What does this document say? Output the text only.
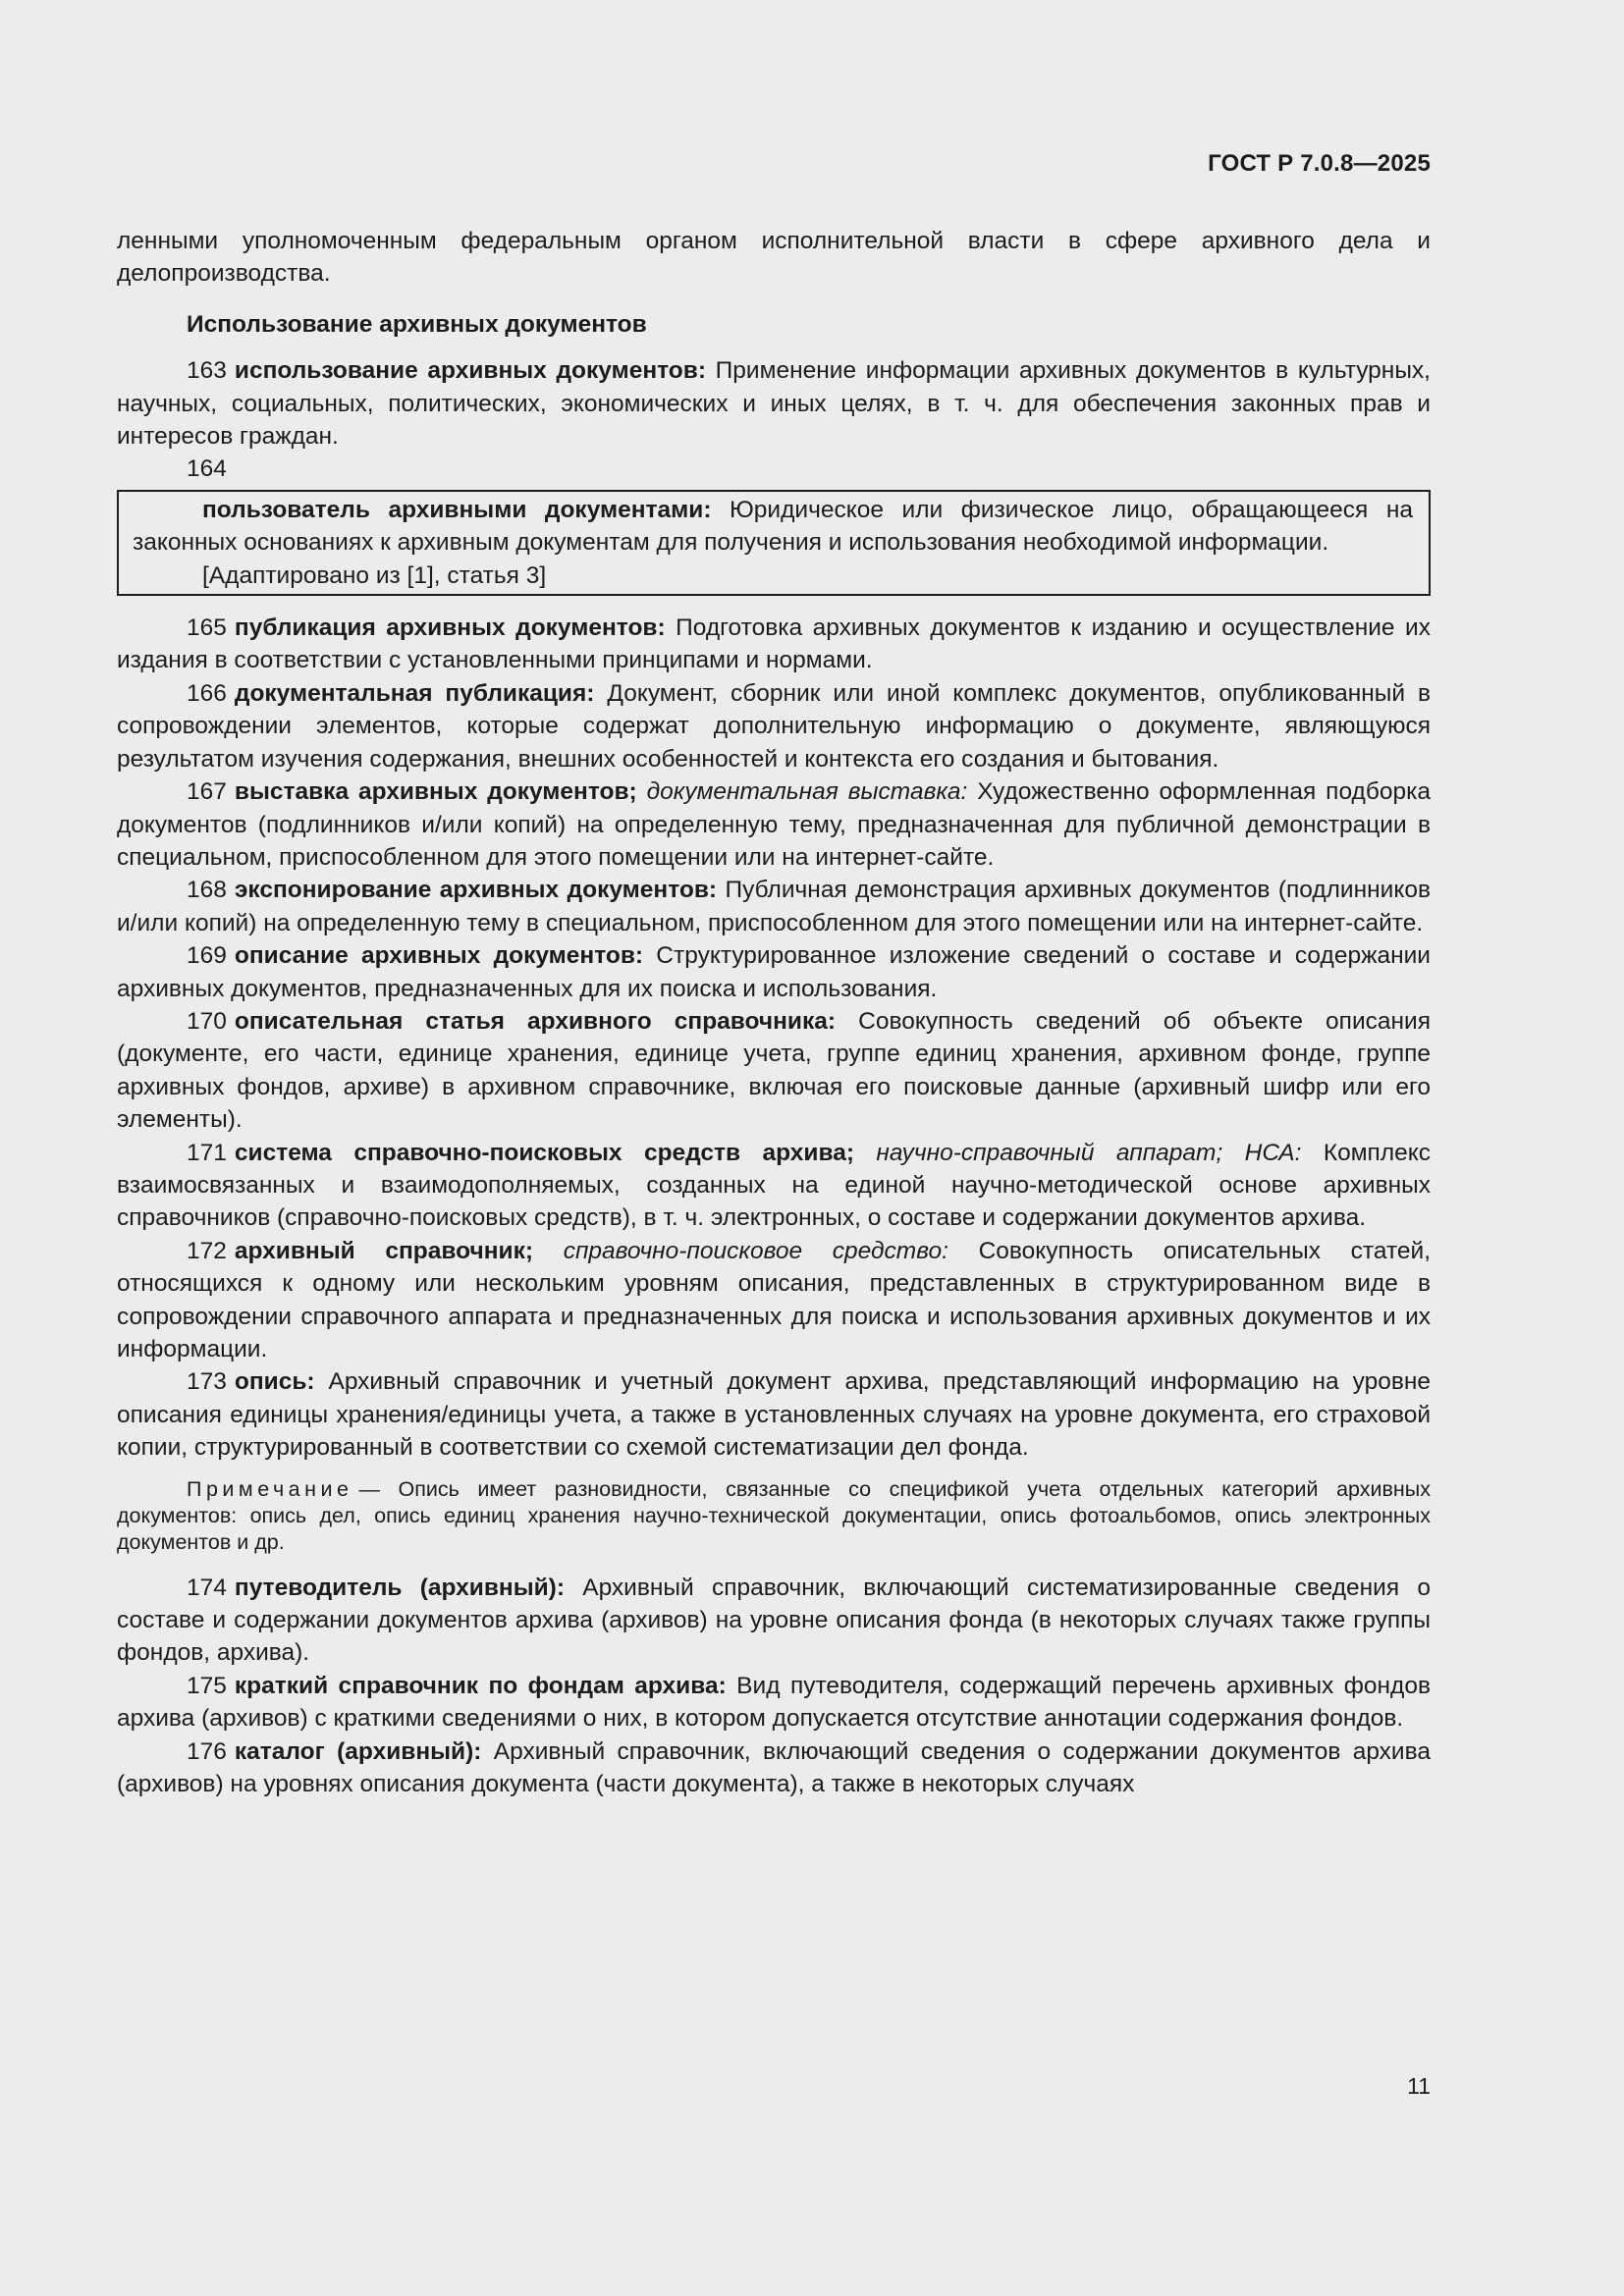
ГОСТ Р 7.0.8—2025

ленными уполномоченным федеральным органом исполнительной власти в сфере архивного дела и делопроизводства.

Использование архивных документов

163 использование архивных документов: Применение информации архивных документов в культурных, научных, социальных, политических, экономических и иных целях, в т. ч. для обеспечения законных прав и интересов граждан.

164

пользователь архивными документами: Юридическое или физическое лицо, обращающееся на законных основаниях к архивным документам для получения и использования необходимой информации.

[Адаптировано из [1], статья 3]

165 публикация архивных документов: Подготовка архивных документов к изданию и осуществление их издания в соответствии с установленными принципами и нормами.

166 документальная публикация: Документ, сборник или иной комплекс документов, опубликованный в сопровождении элементов, которые содержат дополнительную информацию о документе, являющуюся результатом изучения содержания, внешних особенностей и контекста его создания и бытования.

167 выставка архивных документов; документальная выставка: Художественно оформленная подборка документов (подлинников и/или копий) на определенную тему, предназначенная для публичной демонстрации в специальном, приспособленном для этого помещении или на интернет-сайте.

168 экспонирование архивных документов: Публичная демонстрация архивных документов (подлинников и/или копий) на определенную тему в специальном, приспособленном для этого помещении или на интернет-сайте.

169 описание архивных документов: Структурированное изложение сведений о составе и содержании архивных документов, предназначенных для их поиска и использования.

170 описательная статья архивного справочника: Совокупность сведений об объекте описания (документе, его части, единице хранения, единице учета, группе единиц хранения, архивном фонде, группе архивных фондов, архиве) в архивном справочнике, включая его поисковые данные (архивный шифр или его элементы).

171 система справочно-поисковых средств архива; научно-справочный аппарат; НСА: Комплекс взаимосвязанных и взаимодополняемых, созданных на единой научно-методической основе архивных справочников (справочно-поисковых средств), в т. ч. электронных, о составе и содержании документов архива.

172 архивный справочник; справочно-поисковое средство: Совокупность описательных статей, относящихся к одному или нескольким уровням описания, представленных в структурированном виде в сопровождении справочного аппарата и предназначенных для поиска и использования архивных документов и их информации.

173 опись: Архивный справочник и учетный документ архива, представляющий информацию на уровне описания единицы хранения/единицы учета, а также в установленных случаях на уровне документа, его страховой копии, структурированный в соответствии со схемой систематизации дел фонда.

Примечание — Опись имеет разновидности, связанные со спецификой учета отдельных категорий архивных документов: опись дел, опись единиц хранения научно-технической документации, опись фотоальбомов, опись электронных документов и др.

174 путеводитель (архивный): Архивный справочник, включающий систематизированные сведения о составе и содержании документов архива (архивов) на уровне описания фонда (в некоторых случаях также группы фондов, архива).

175 краткий справочник по фондам архива: Вид путеводителя, содержащий перечень архивных фондов архива (архивов) с краткими сведениями о них, в котором допускается отсутствие аннотации содержания фондов.

176 каталог (архивный): Архивный справочник, включающий сведения о содержании документов архива (архивов) на уровнях описания документа (части документа), а также в некоторых случаях

11
